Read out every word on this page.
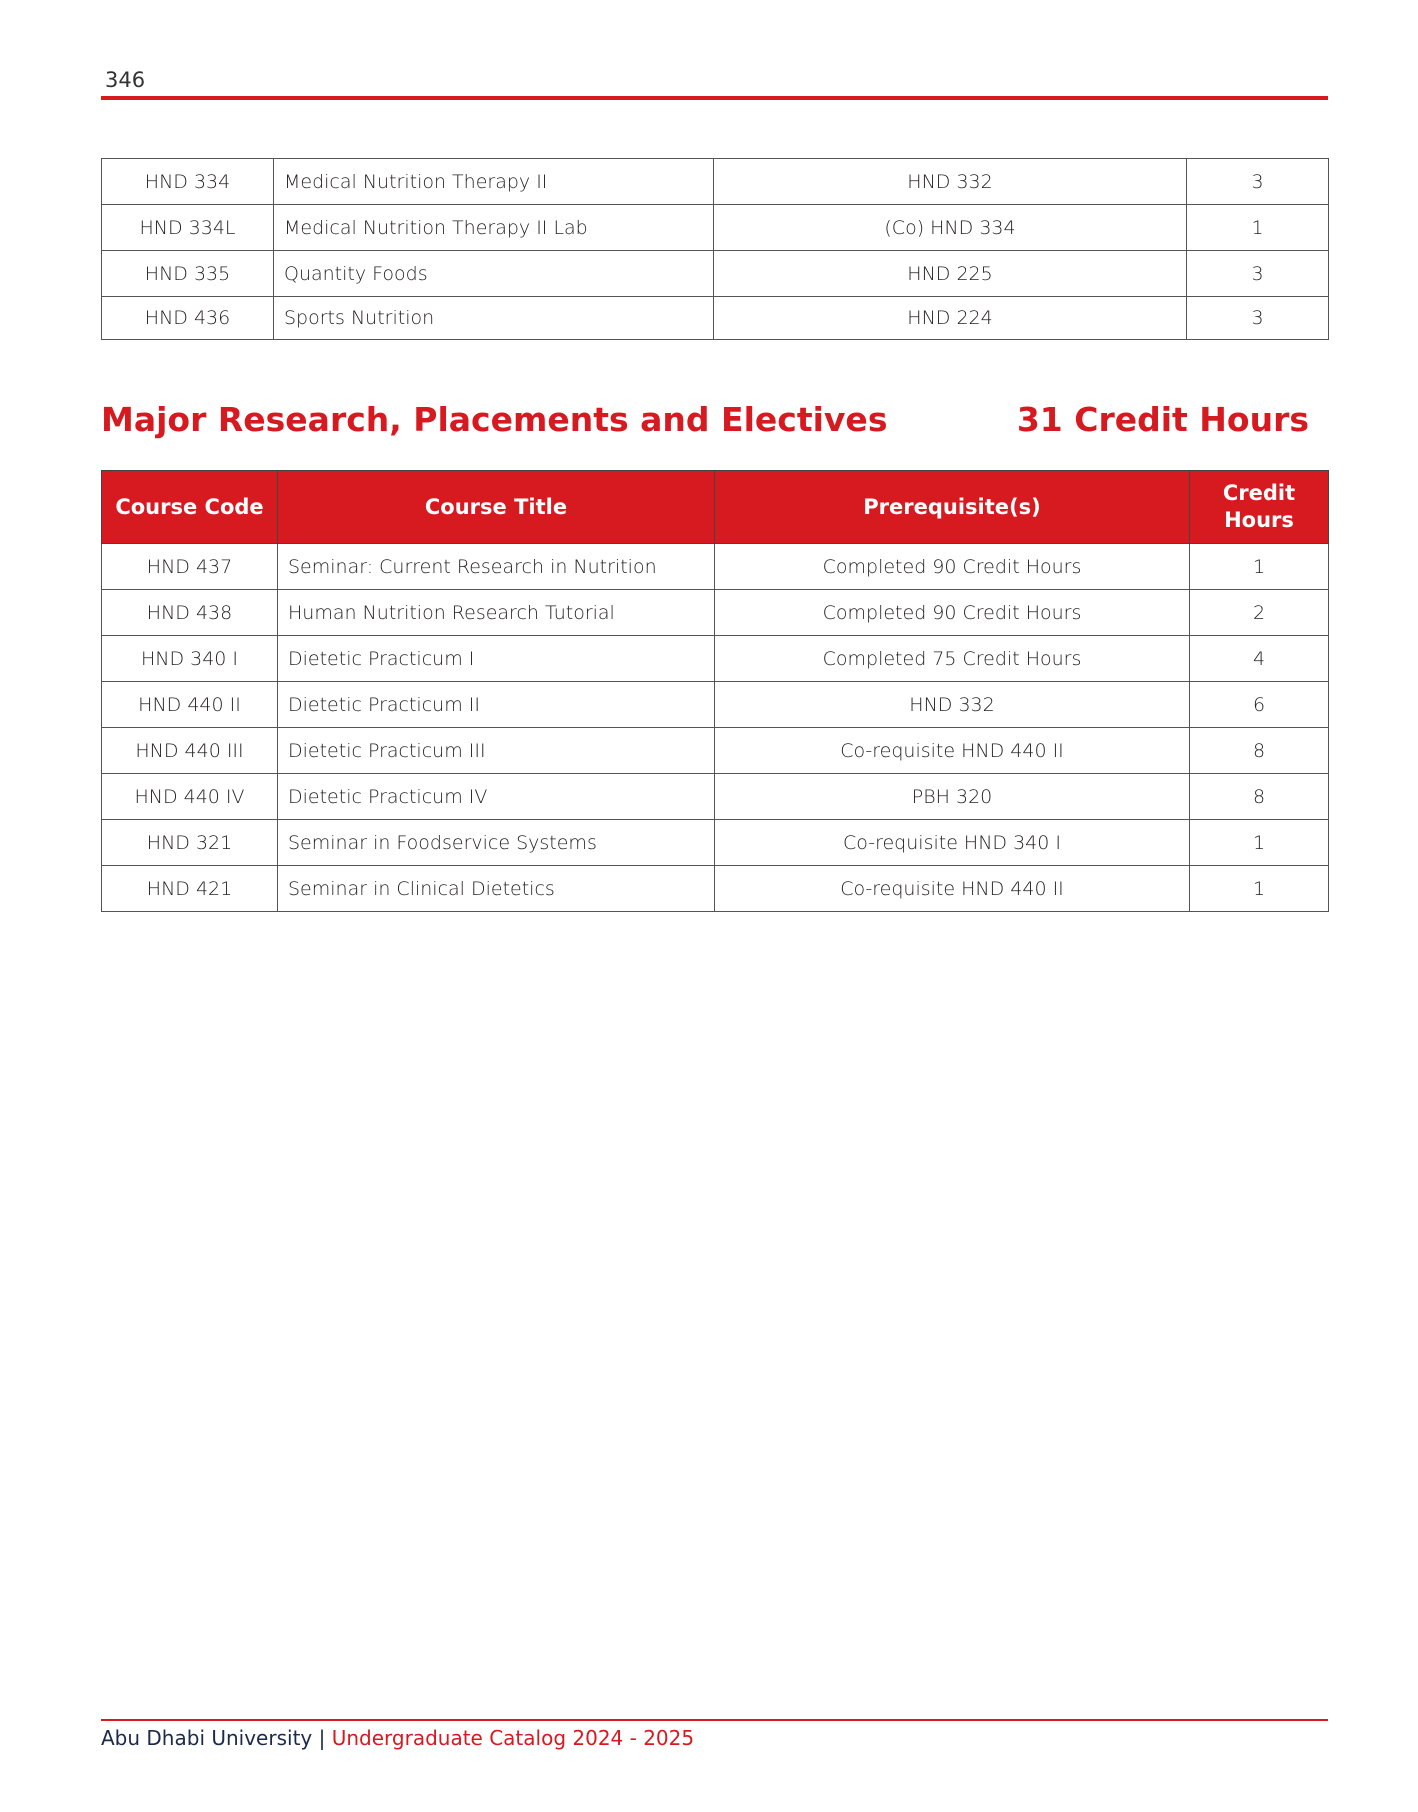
346
HND 334	Medical Nutrition Therapy II	HND 332	3
HND 334L	Medical Nutrition Therapy II Lab	(Co) HND 334	1
HND 335	Quantity Foods	HND 225	3
HND 436	Sports Nutrition	HND 224	3
Major Research, Placements and Electives	31 Credit Hours
Course Code	Course Title	Prerequisite(s)	Credit Hours
HND 437	Seminar: Current Research in Nutrition	Completed 90 Credit Hours	1
HND 438	Human Nutrition Research Tutorial	Completed 90 Credit Hours	2
HND 340 I	Dietetic Practicum I	Completed 75 Credit Hours	4
HND 440 II	Dietetic Practicum II	HND 332	6
HND 440 III	Dietetic Practicum III	Co-requisite HND 440 II	8
HND 440 IV	Dietetic Practicum IV	PBH 320	8
HND 321	Seminar in Foodservice Systems	Co-requisite HND 340 I	1
HND 421	Seminar in Clinical Dietetics	Co-requisite HND 440 II	1
Abu Dhabi University | Undergraduate Catalog 2024 - 2025
